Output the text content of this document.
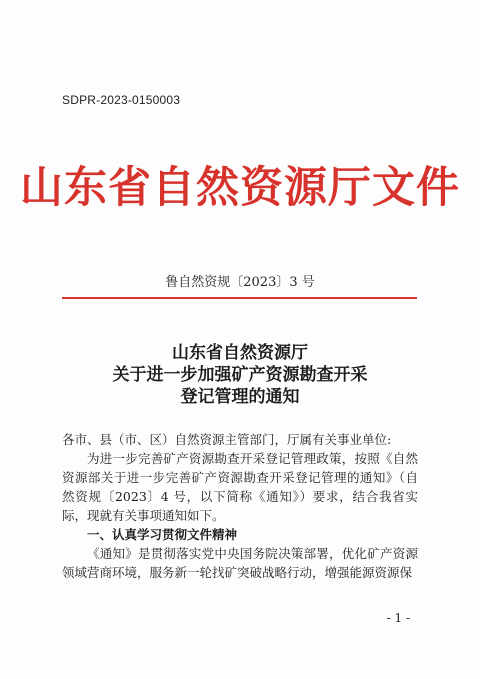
SDPR-2023-0150003
山东省自然资源厅文件
鲁自然资规〔2023〕3 号
山东省自然资源厅
关于进一步加强矿产资源勘查开采
登记管理的通知

各市、县（市、区）自然资源主管部门，厅属有关事业单位:

为进一步完善矿产资源勘查开采登记管理政策，按照《自然资源部关于进一步完善矿产资源勘查开采登记管理的通知》（自然资规〔2023〕4 号，以下简称《通知》）要求，结合我省实际，现就有关事项通知如下。

一、认真学习贯彻文件精神

《通知》是贯彻落实党中央国务院决策部署，优化矿产资源领域营商环境，服务新一轮找矿突破战略行动，增强能源资源保

- 1 -
